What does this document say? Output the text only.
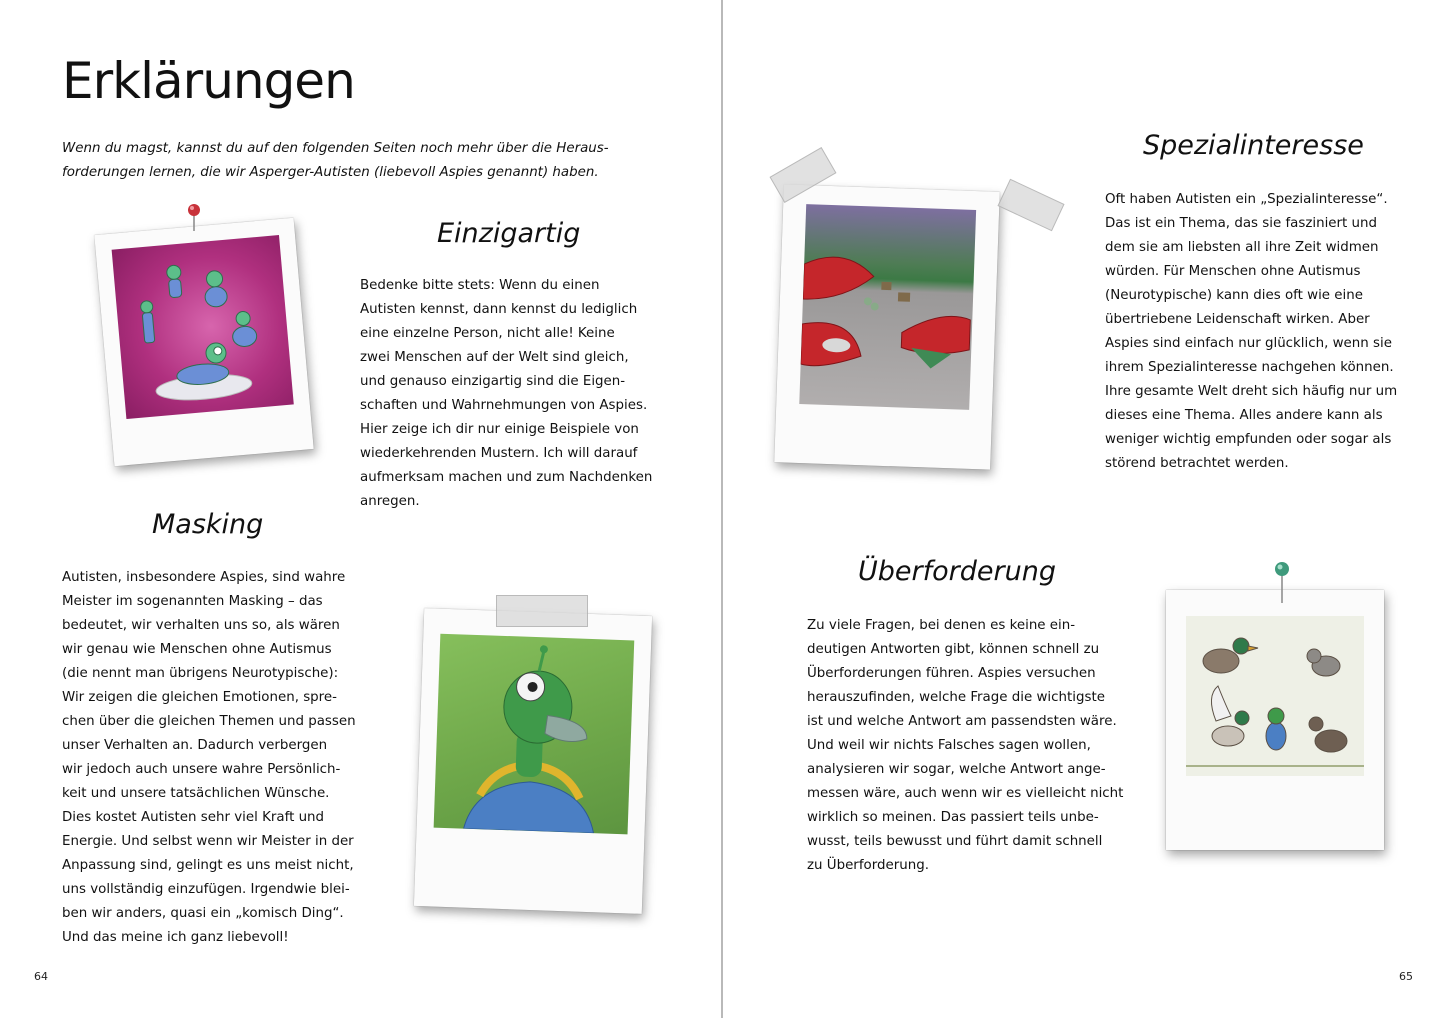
Erklärungen

Wenn du magst, kannst du auf den folgenden Seiten noch mehr über die Heraus-
forderungen lernen, die wir Asperger-Autisten (liebevoll Aspies genannt) haben.

Einzigartig

Bedenke bitte stets: Wenn du einen
Autisten kennst, dann kennst du lediglich
eine einzelne Person, nicht alle! Keine
zwei Menschen auf der Welt sind gleich,
und genauso einzigartig sind die Eigen-
schaften und Wahrnehmungen von Aspies.
Hier zeige ich dir nur einige Beispiele von
wiederkehrenden Mustern. Ich will darauf
aufmerksam machen und zum Nachdenken
anregen.

Masking

Autisten, insbesondere Aspies, sind wahre
Meister im sogenannten Masking – das
bedeutet, wir verhalten uns so, als wären
wir genau wie Menschen ohne Autismus
(die nennt man übrigens Neurotypische):
Wir zeigen die gleichen Emotionen, spre-
chen über die gleichen Themen und passen
unser Verhalten an. Dadurch verbergen
wir jedoch auch unsere wahre Persönlich-
keit und unsere tatsächlichen Wünsche.
Dies kostet Autisten sehr viel Kraft und
Energie. Und selbst wenn wir Meister in der
Anpassung sind, gelingt es uns meist nicht,
uns vollständig einzufügen. Irgendwie blei-
ben wir anders, quasi ein „komisch Ding“.
Und das meine ich ganz liebevoll!

64
Spezialinteresse

Oft haben Autisten ein „Spezialinteresse“.
Das ist ein Thema, das sie fasziniert und
dem sie am liebsten all ihre Zeit widmen
würden. Für Menschen ohne Autismus
(Neurotypische) kann dies oft wie eine
übertriebene Leidenschaft wirken. Aber
Aspies sind einfach nur glücklich, wenn sie
ihrem Spezialinteresse nachgehen können.
Ihre gesamte Welt dreht sich häufig nur um
dieses eine Thema. Alles andere kann als
weniger wichtig empfunden oder sogar als
störend betrachtet werden.

Überforderung

Zu viele Fragen, bei denen es keine ein-
deutigen Antworten gibt, können schnell zu
Überforderungen führen. Aspies versuchen
herauszufinden, welche Frage die wichtigste
ist und welche Antwort am passendsten wäre.
Und weil wir nichts Falsches sagen wollen,
analysieren wir sogar, welche Antwort ange-
messen wäre, auch wenn wir es vielleicht nicht
wirklich so meinen. Das passiert teils unbe-
wusst, teils bewusst und führt damit schnell
zu Überforderung.

65
